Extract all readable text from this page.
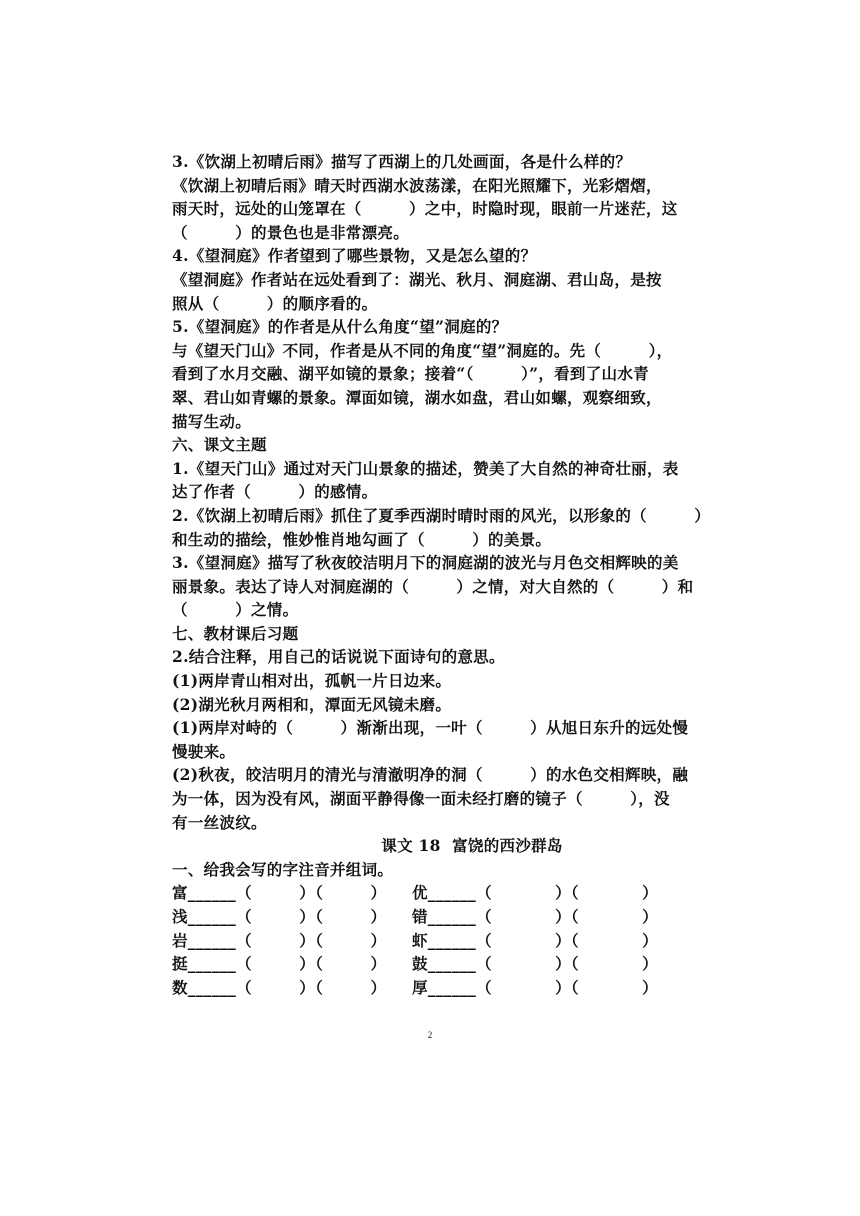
3.《饮湖上初晴后雨》描写了西湖上的几处画面，各是什么样的？
《饮湖上初晴后雨》晴天时西湖水波荡漾，在阳光照耀下，光彩熠熠，
雨天时，远处的山笼罩在（　　　）之中，时隐时现，眼前一片迷茫，这
（　　　）的景色也是非常漂亮。
4.《望洞庭》作者望到了哪些景物，又是怎么望的？
《望洞庭》作者站在远处看到了：湖光、秋月、洞庭湖、君山岛，是按
照从（　　　）的顺序看的。
5.《望洞庭》的作者是从什么角度“望”洞庭的？
与《望天门山》不同，作者是从不同的角度“望”洞庭的。先（　　　），
看到了水月交融、湖平如镜的景象；接着“（　　　）”，看到了山水青
翠、君山如青螺的景象。潭面如镜，湖水如盘，君山如螺，观察细致，
描写生动。
六、课文主题
1.《望天门山》通过对天门山景象的描述，赞美了大自然的神奇壮丽，表
达了作者（　　　）的感情。
2.《饮湖上初晴后雨》抓住了夏季西湖时晴时雨的风光，以形象的（　　　）
和生动的描绘，惟妙惟肖地勾画了（　　　）的美景。
3.《望洞庭》描写了秋夜皎洁明月下的洞庭湖的波光与月色交相辉映的美
丽景象。表达了诗人对洞庭湖的（　　　）之情，对大自然的（　　　）和
（　　　）之情。
七、教材课后习题
2.结合注释，用自己的话说说下面诗句的意思。
(1)两岸青山相对出，孤帆一片日边来。
(2)湖光秋月两相和，潭面无风镜未磨。
(1)两岸对峙的（　　　）渐渐出现，一叶（　　　）从旭日东升的远处慢
慢驶来。
(2)秋夜，皎洁明月的清光与清澈明净的洞（　　　）的水色交相辉映，融
为一体，因为没有风，湖面平静得像一面未经打磨的镜子（　　　），没
有一丝波纹。
课文 18  富饶的西沙群岛
一、给我会写的字注音并组词。
富______（　　　）（　　　）	优______（　　　　）（　　　　）
浅______（　　　）（　　　）	错______（　　　　）（　　　　）
岩______（　　　）（　　　）	虾______（　　　　）（　　　　）
挺______（　　　）（　　　）	鼓______（　　　　）（　　　　）
数______（　　　）（　　　）	厚______（　　　　）（　　　　）
2
